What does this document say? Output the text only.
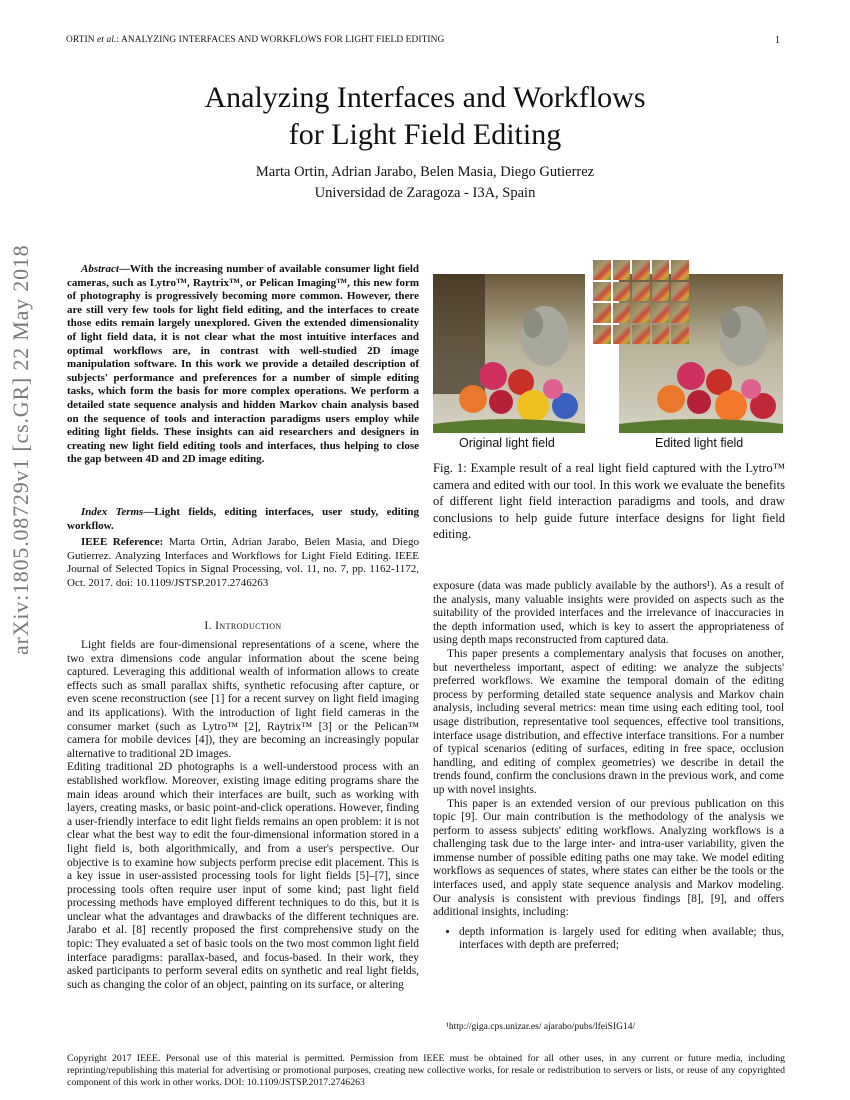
ORTIN et al.: ANALYZING INTERFACES AND WORKFLOWS FOR LIGHT FIELD EDITING	1
arXiv:1805.08729v1 [cs.GR] 22 May 2018
Analyzing Interfaces and Workflows
for Light Field Editing
Marta Ortin, Adrian Jarabo, Belen Masia, Diego Gutierrez
Universidad de Zaragoza - I3A, Spain
Abstract—With the increasing number of available consumer light field cameras, such as Lytro™, Raytrix™, or Pelican Imaging™, this new form of photography is progressively becoming more common. However, there are still very few tools for light field editing, and the interfaces to create those edits remain largely unexplored. Given the extended dimensionality of light field data, it is not clear what the most intuitive interfaces and optimal workflows are, in contrast with well-studied 2D image manipulation software. In this work we provide a detailed description of subjects' performance and preferences for a number of simple editing tasks, which form the basis for more complex operations. We perform a detailed state sequence analysis and hidden Markov chain analysis based on the sequence of tools and interaction paradigms users employ while editing light fields. These insights can aid researchers and designers in creating new light field editing tools and interfaces, thus helping to close the gap between 4D and 2D image editing.
Index Terms—Light fields, editing interfaces, user study, editing workflow.
IEEE Reference: Marta Ortin, Adrian Jarabo, Belen Masia, and Diego Gutierrez. Analyzing Interfaces and Workflows for Light Field Editing. IEEE Journal of Selected Topics in Signal Processing, vol. 11, no. 7, pp. 1162-1172, Oct. 2017. doi: 10.1109/JSTSP.2017.2746263
I. Introduction

Light fields are four-dimensional representations of a scene, where the two extra dimensions code angular information about the scene being captured. Leveraging this additional wealth of information allows to create effects such as small parallax shifts, synthetic refocusing after capture, or even scene reconstruction (see [1] for a recent survey on light field imaging and its applications). With the introduction of light field cameras in the consumer market (such as Lytro™ [2], Raytrix™ [3] or the Pelican™ camera for mobile devices [4]), they are becoming an increasingly popular alternative to traditional 2D images.

Editing traditional 2D photographs is a well-understood process with an established workflow. Moreover, existing image editing programs share the main ideas around which their interfaces are built, such as working with layers, creating masks, or basic point-and-click operations. However, finding a user-friendly interface to edit light fields remains an open problem: it is not clear what the best way to edit the four-dimensional information stored in a light field is, both algorithmically, and from a user's perspective. Our objective is to examine how subjects perform precise edit placement. This is a key issue in user-assisted processing tools for light fields [5]–[7], since processing tools often require user input of some kind; past light field processing methods have employed different techniques to do this, but it is unclear what the advantages and drawbacks of the different techniques are. Jarabo et al. [8] recently proposed the first comprehensive study on the topic: They evaluated a set of basic tools on the two most common light field interface paradigms: parallax-based, and focus-based. In their work, they asked participants to perform several edits on synthetic and real light fields, such as changing the color of an object, painting on its surface, or altering

Original light field	Edited light field
Fig. 1: Example result of a real light field captured with the Lytro™ camera and edited with our tool. In this work we evaluate the benefits of different light field interaction paradigms and tools, and draw conclusions to help guide future interface designs for light field editing.

exposure (data was made publicly available by the authors¹). As a result of the analysis, many valuable insights were provided on aspects such as the suitability of the provided interfaces and the irrelevance of inaccuracies in the depth information used, which is key to assert the appropriateness of using depth maps reconstructed from captured data.

This paper presents a complementary analysis that focuses on another, but nevertheless important, aspect of editing: we analyze the subjects' preferred workflows. We examine the temporal domain of the editing process by performing detailed state sequence analysis and Markov chain analysis, including several metrics: mean time using each editing tool, tool usage distribution, representative tool sequences, effective tool transitions, interface usage distribution, and effective interface transitions. For a number of typical scenarios (editing of surfaces, editing in free space, occlusion handling, and editing of complex geometries) we describe in detail the trends found, confirm the conclusions drawn in the previous work, and come up with novel insights.

This paper is an extended version of our previous publication on this topic [9]. Our main contribution is the methodology of the analysis we perform to assess subjects' editing workflows. Analyzing workflows is a challenging task due to the large inter- and intra-user variability, given the immense number of possible editing paths one may take. We model editing workflows as sequences of states, where states can either be the tools or the interfaces used, and apply state sequence analysis and Markov modeling. Our analysis is consistent with previous findings [8], [9], and offers additional insights, including:

• depth information is largely used for editing when available; thus, interfaces with depth are preferred;
¹http://giga.cps.unizar.es/ ajarabo/pubs/lfeiSIG14/
Copyright 2017 IEEE. Personal use of this material is permitted. Permission from IEEE must be obtained for all other uses, in any current or future media, including reprinting/republishing this material for advertising or promotional purposes, creating new collective works, for resale or redistribution to servers or lists, or reuse of any copyrighted component of this work in other works. DOI: 10.1109/JSTSP.2017.2746263
